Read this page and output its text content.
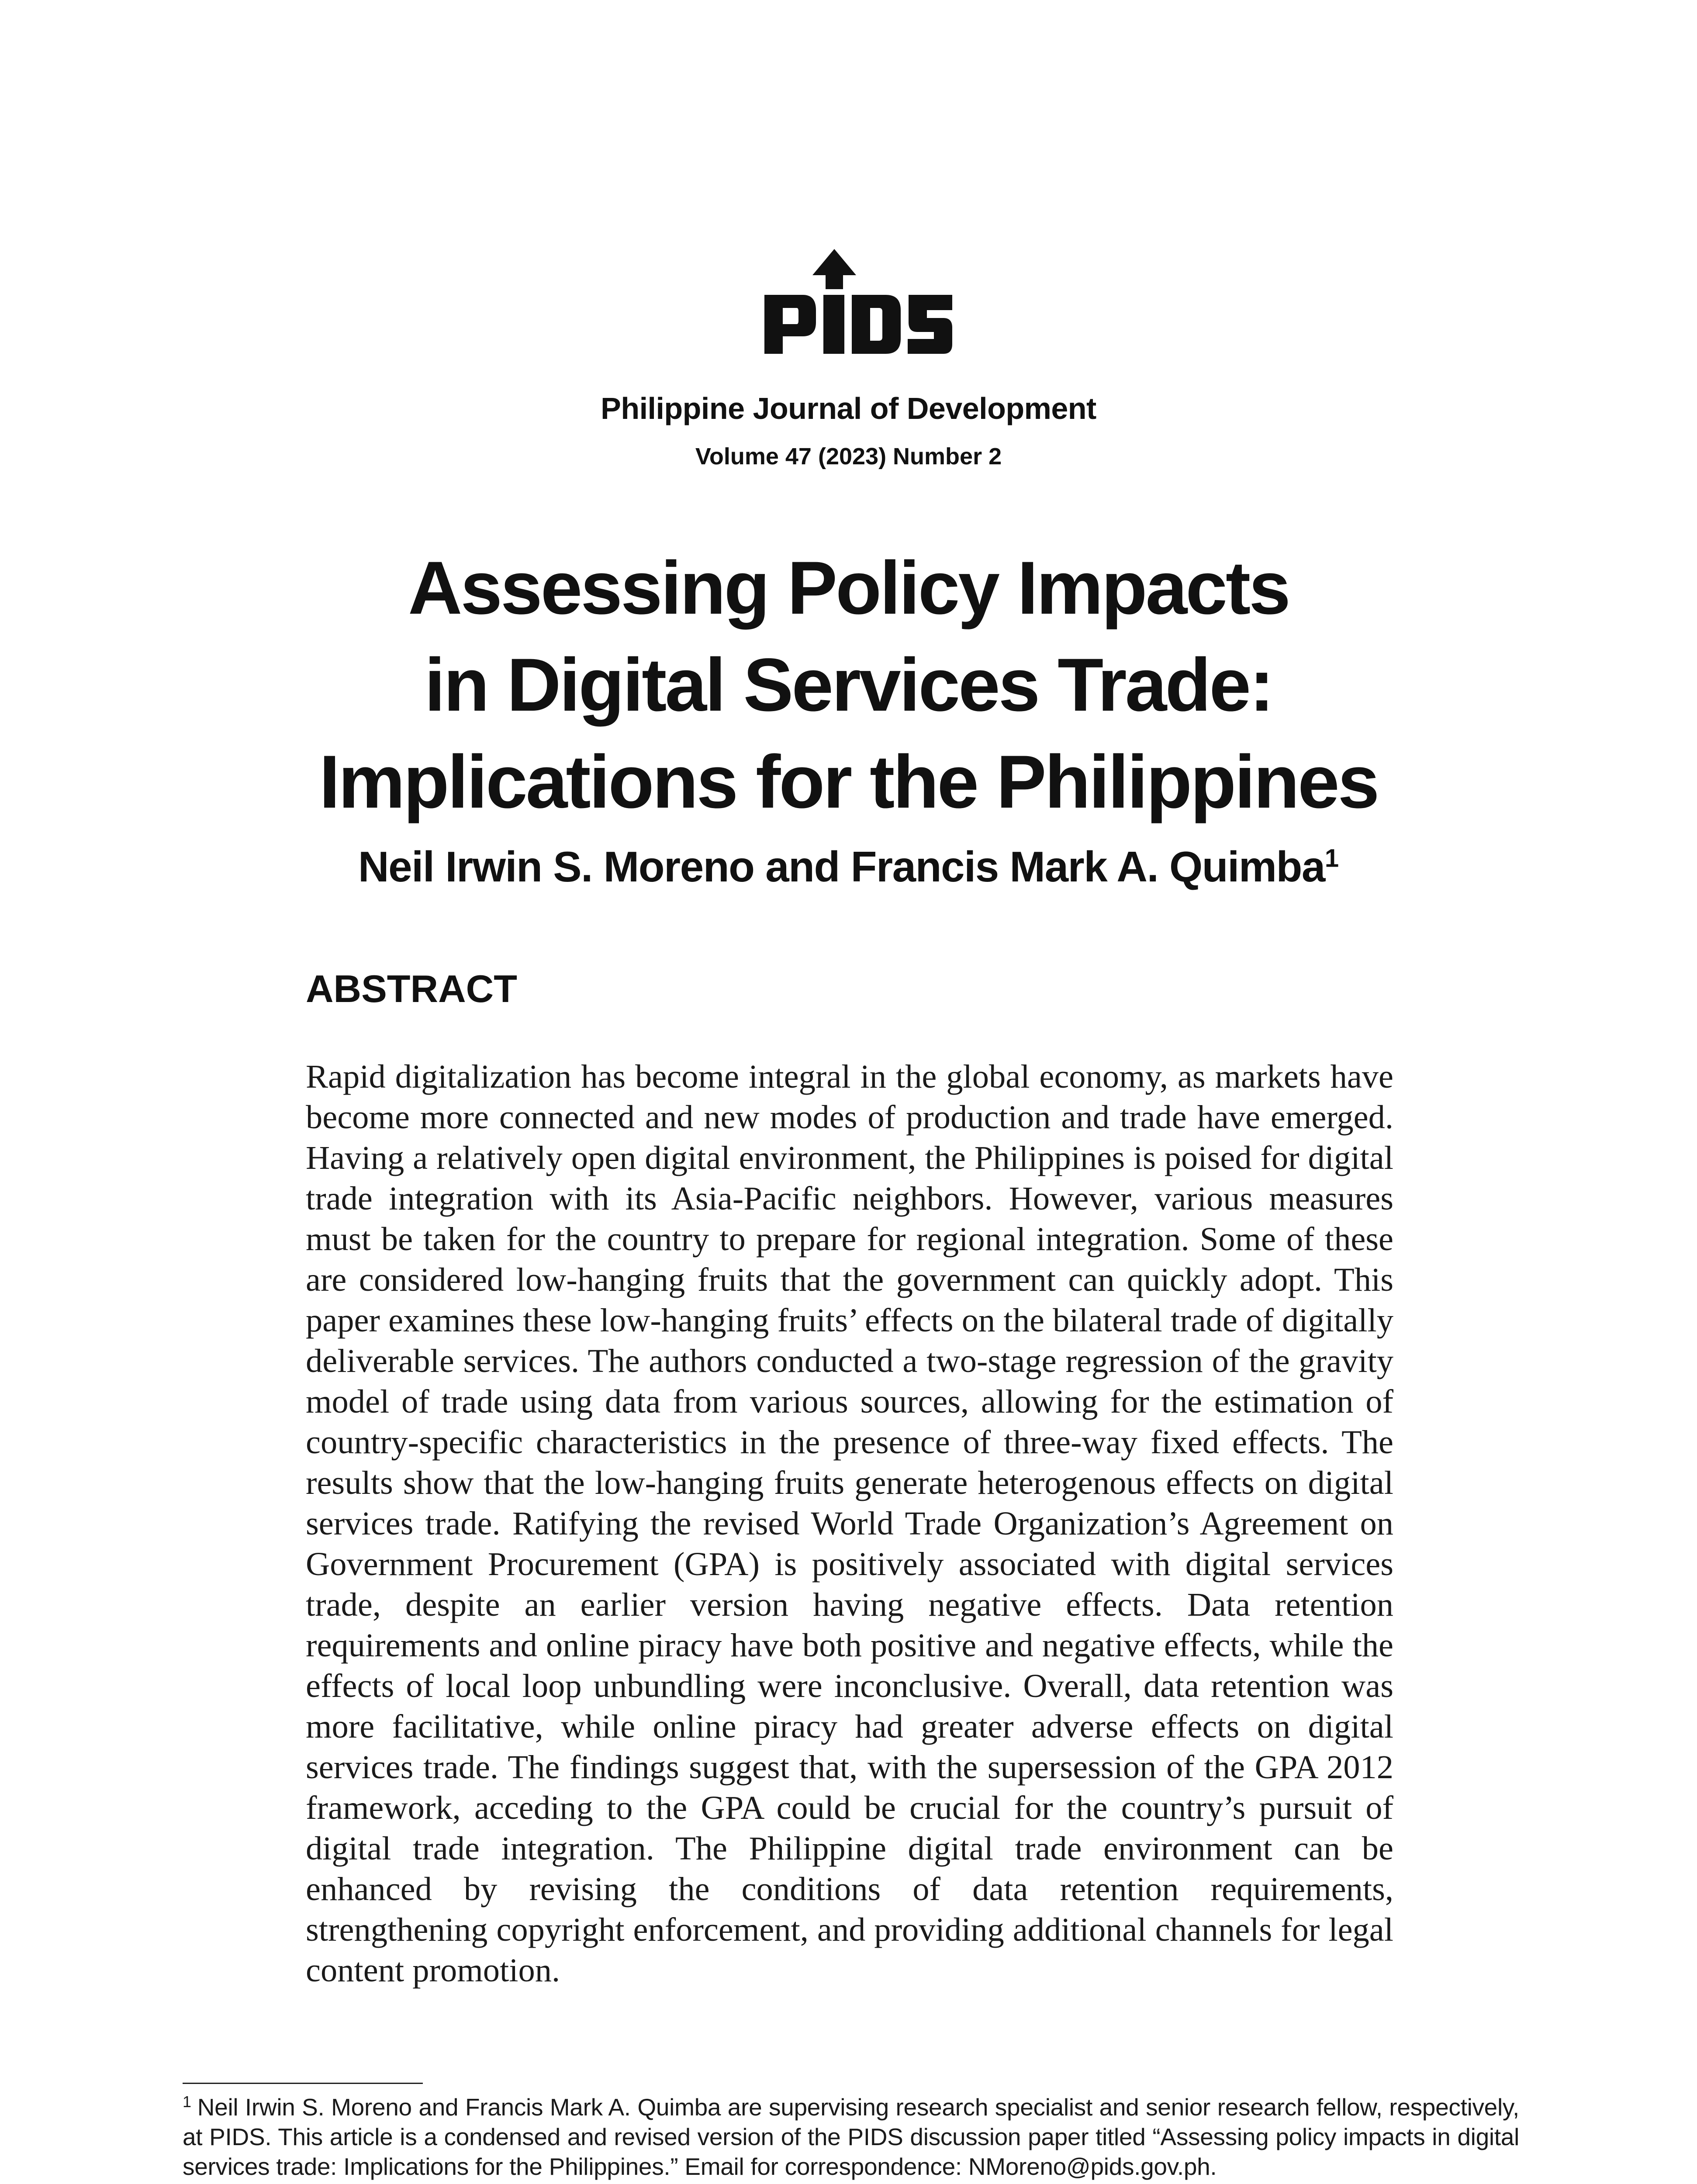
Philippine Journal of Development
Volume 47 (2023) Number 2
Assessing Policy Impacts
in Digital Services Trade:
Implications for the Philippines
Neil Irwin S. Moreno and Francis Mark A. Quimba$^1$
ABSTRACT

Rapid digitalization has become integral in the global economy, as markets have become more connected and new modes of production and trade have emerged. Having a relatively open digital environment, the Philippines is poised for digital trade integration with its Asia-Pacific neighbors. However, various measures must be taken for the country to prepare for regional integration. Some of these are considered low-hanging fruits that the government can quickly adopt. This paper examines these low-hanging fruits’ effects on the bilateral trade of digitally deliverable services. The authors conducted a two-stage regression of the gravity model of trade using data from various sources, allowing for the estimation of country-specific characteristics in the presence of three-way fixed effects. The results show that the low-hanging fruits generate heterogenous effects on digital services trade. Ratifying the revised World Trade Organization’s Agreement on Government Procurement (GPA) is positively associated with digital services trade, despite an earlier version having negative effects. Data retention requirements and online piracy have both positive and negative effects, while the effects of local loop unbundling were inconclusive. Overall, data retention was more facilitative, while online piracy had greater adverse effects on digital services trade. The findings suggest that, with the supersession of the GPA 2012 framework, acceding to the GPA could be crucial for the country’s pursuit of digital trade integration. The Philippine digital trade environment can be enhanced by revising the conditions of data retention requirements, strengthening copyright enforcement, and providing additional channels for legal content promotion.

$^1$ Neil Irwin S. Moreno and Francis Mark A. Quimba are supervising research specialist and senior research fellow, respectively, at PIDS. This article is a condensed and revised version of the PIDS discussion paper titled “Assessing policy impacts in digital services trade: Implications for the Philippines.” Email for correspondence: NMoreno@pids.gov.ph.
